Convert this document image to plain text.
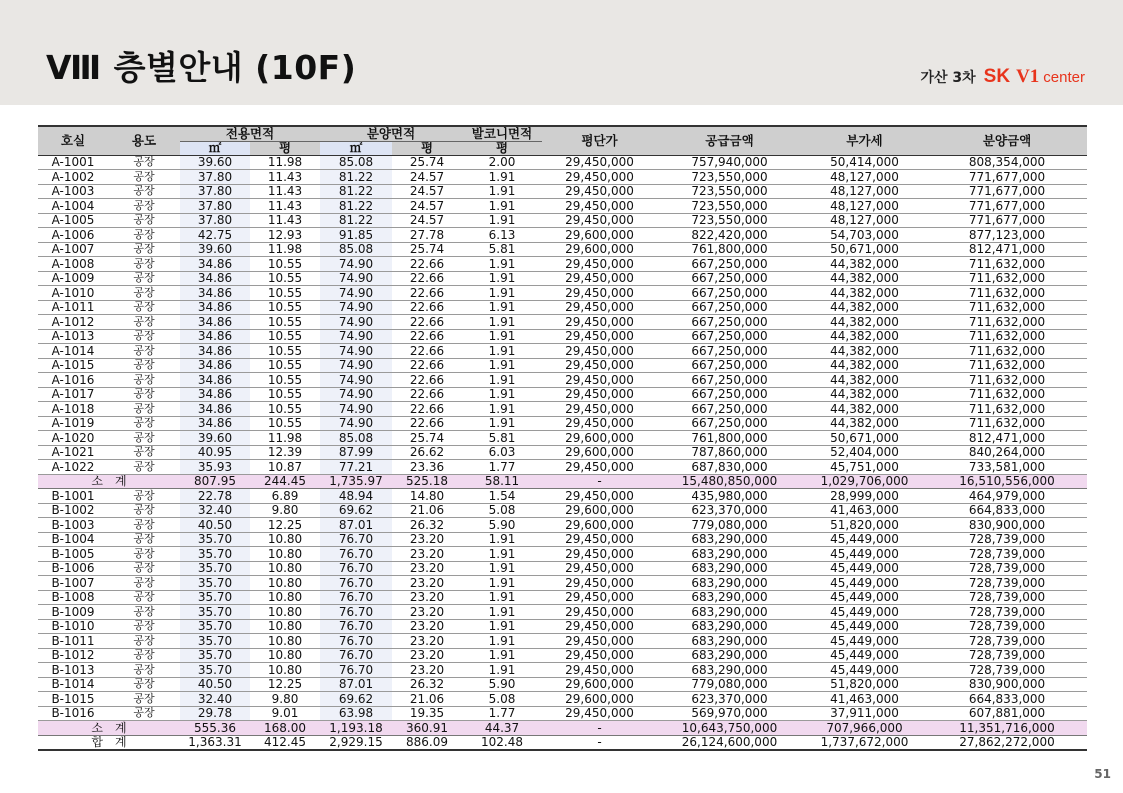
Ⅷ 층별안내 (10F)	가산 3차 SK V1 center
호실	용도	전용면적		분양면적		발코니면적	평단가	공급금액	부가세	분양금액
		㎡	평	㎡	평	평				
A-1001	공장	39.60	11.98	85.08	25.74	2.00	29,450,000	757,940,000	50,414,000	808,354,000
A-1002	공장	37.80	11.43	81.22	24.57	1.91	29,450,000	723,550,000	48,127,000	771,677,000
A-1003	공장	37.80	11.43	81.22	24.57	1.91	29,450,000	723,550,000	48,127,000	771,677,000
A-1004	공장	37.80	11.43	81.22	24.57	1.91	29,450,000	723,550,000	48,127,000	771,677,000
A-1005	공장	37.80	11.43	81.22	24.57	1.91	29,450,000	723,550,000	48,127,000	771,677,000
A-1006	공장	42.75	12.93	91.85	27.78	6.13	29,600,000	822,420,000	54,703,000	877,123,000
A-1007	공장	39.60	11.98	85.08	25.74	5.81	29,600,000	761,800,000	50,671,000	812,471,000
A-1008	공장	34.86	10.55	74.90	22.66	1.91	29,450,000	667,250,000	44,382,000	711,632,000
A-1009	공장	34.86	10.55	74.90	22.66	1.91	29,450,000	667,250,000	44,382,000	711,632,000
A-1010	공장	34.86	10.55	74.90	22.66	1.91	29,450,000	667,250,000	44,382,000	711,632,000
A-1011	공장	34.86	10.55	74.90	22.66	1.91	29,450,000	667,250,000	44,382,000	711,632,000
A-1012	공장	34.86	10.55	74.90	22.66	1.91	29,450,000	667,250,000	44,382,000	711,632,000
A-1013	공장	34.86	10.55	74.90	22.66	1.91	29,450,000	667,250,000	44,382,000	711,632,000
A-1014	공장	34.86	10.55	74.90	22.66	1.91	29,450,000	667,250,000	44,382,000	711,632,000
A-1015	공장	34.86	10.55	74.90	22.66	1.91	29,450,000	667,250,000	44,382,000	711,632,000
A-1016	공장	34.86	10.55	74.90	22.66	1.91	29,450,000	667,250,000	44,382,000	711,632,000
A-1017	공장	34.86	10.55	74.90	22.66	1.91	29,450,000	667,250,000	44,382,000	711,632,000
A-1018	공장	34.86	10.55	74.90	22.66	1.91	29,450,000	667,250,000	44,382,000	711,632,000
A-1019	공장	34.86	10.55	74.90	22.66	1.91	29,450,000	667,250,000	44,382,000	711,632,000
A-1020	공장	39.60	11.98	85.08	25.74	5.81	29,600,000	761,800,000	50,671,000	812,471,000
A-1021	공장	40.95	12.39	87.99	26.62	6.03	29,600,000	787,860,000	52,404,000	840,264,000
A-1022	공장	35.93	10.87	77.21	23.36	1.77	29,450,000	687,830,000	45,751,000	733,581,000
소　계		807.95	244.45	1,735.97	525.18	58.11	-	15,480,850,000	1,029,706,000	16,510,556,000
B-1001	공장	22.78	6.89	48.94	14.80	1.54	29,450,000	435,980,000	28,999,000	464,979,000
B-1002	공장	32.40	9.80	69.62	21.06	5.08	29,600,000	623,370,000	41,463,000	664,833,000
B-1003	공장	40.50	12.25	87.01	26.32	5.90	29,600,000	779,080,000	51,820,000	830,900,000
B-1004	공장	35.70	10.80	76.70	23.20	1.91	29,450,000	683,290,000	45,449,000	728,739,000
B-1005	공장	35.70	10.80	76.70	23.20	1.91	29,450,000	683,290,000	45,449,000	728,739,000
B-1006	공장	35.70	10.80	76.70	23.20	1.91	29,450,000	683,290,000	45,449,000	728,739,000
B-1007	공장	35.70	10.80	76.70	23.20	1.91	29,450,000	683,290,000	45,449,000	728,739,000
B-1008	공장	35.70	10.80	76.70	23.20	1.91	29,450,000	683,290,000	45,449,000	728,739,000
B-1009	공장	35.70	10.80	76.70	23.20	1.91	29,450,000	683,290,000	45,449,000	728,739,000
B-1010	공장	35.70	10.80	76.70	23.20	1.91	29,450,000	683,290,000	45,449,000	728,739,000
B-1011	공장	35.70	10.80	76.70	23.20	1.91	29,450,000	683,290,000	45,449,000	728,739,000
B-1012	공장	35.70	10.80	76.70	23.20	1.91	29,450,000	683,290,000	45,449,000	728,739,000
B-1013	공장	35.70	10.80	76.70	23.20	1.91	29,450,000	683,290,000	45,449,000	728,739,000
B-1014	공장	40.50	12.25	87.01	26.32	5.90	29,600,000	779,080,000	51,820,000	830,900,000
B-1015	공장	32.40	9.80	69.62	21.06	5.08	29,600,000	623,370,000	41,463,000	664,833,000
B-1016	공장	29.78	9.01	63.98	19.35	1.77	29,450,000	569,970,000	37,911,000	607,881,000
소　계		555.36	168.00	1,193.18	360.91	44.37	-	10,643,750,000	707,966,000	11,351,716,000
합　계		1,363.31	412.45	2,929.15	886.09	102.48	-	26,124,600,000	1,737,672,000	27,862,272,000
51
